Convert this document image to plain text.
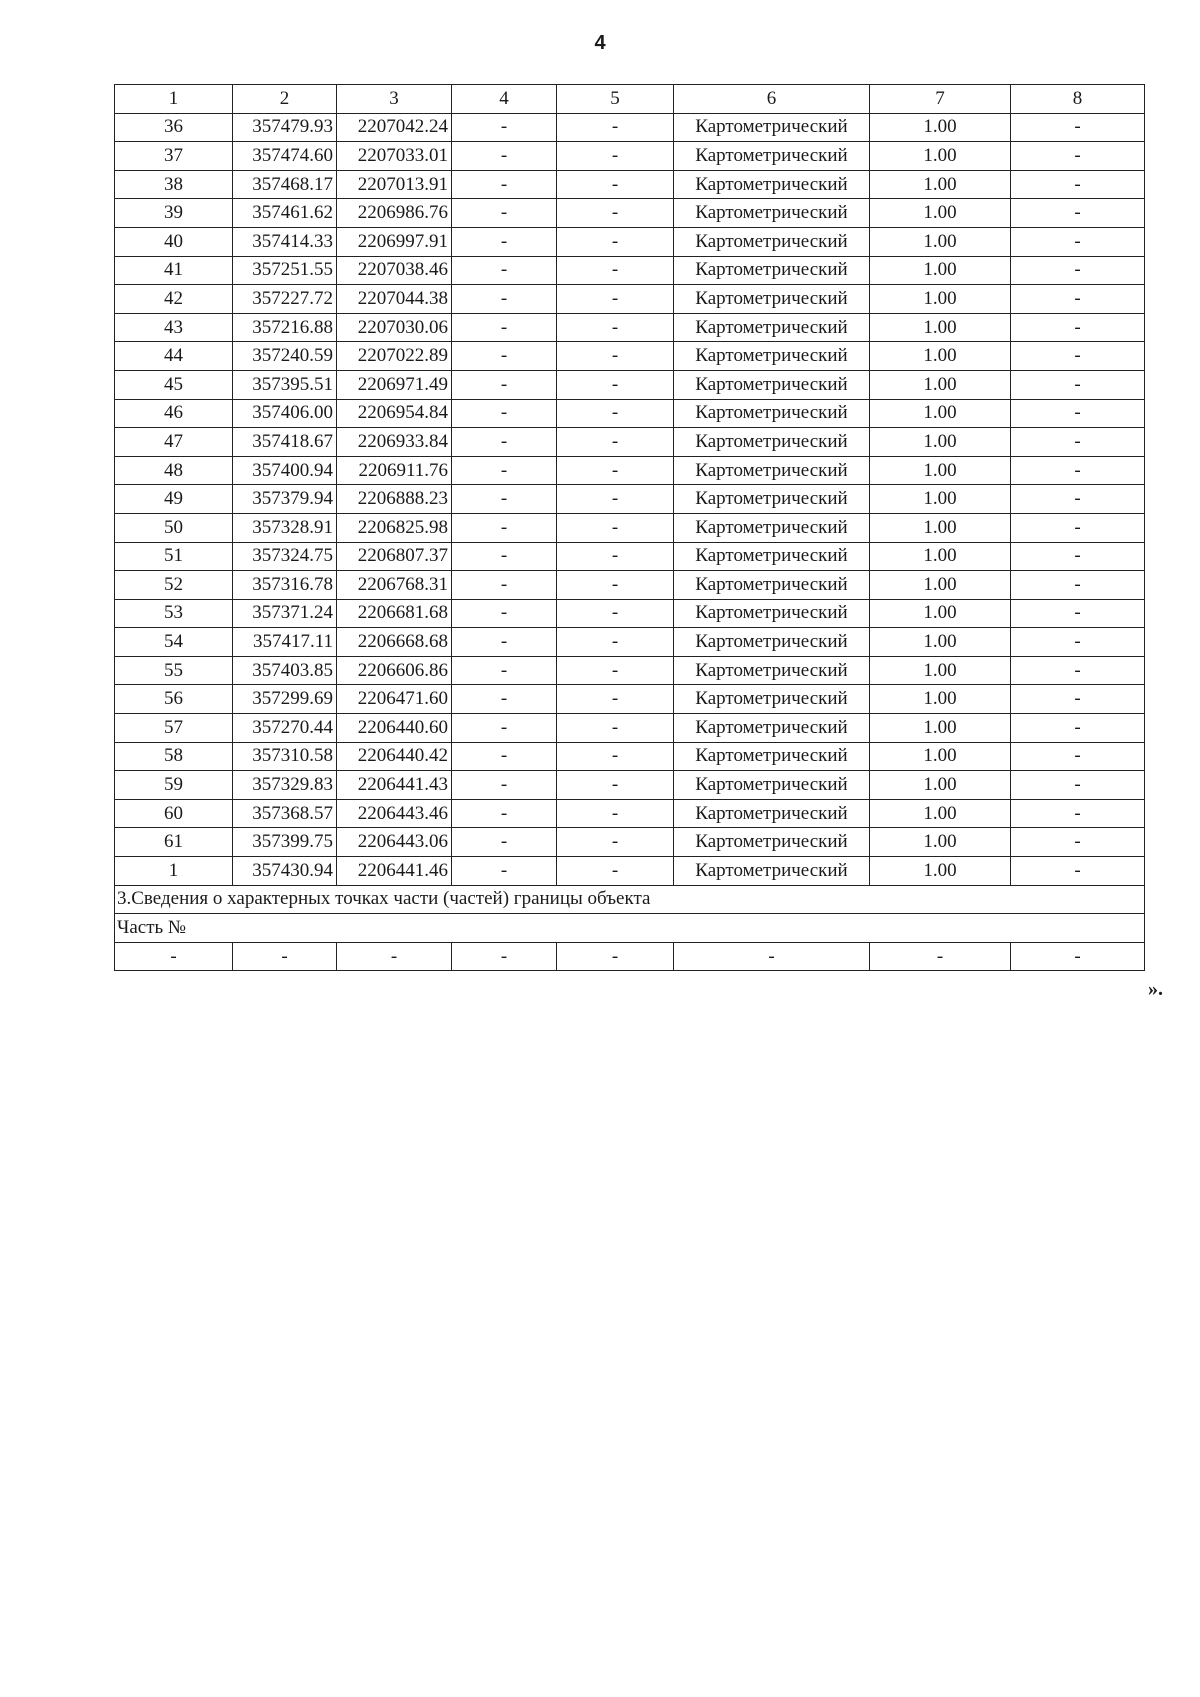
4
1	2	3	4	5	6	7	8
36	357479.93	2207042.24	-	-	Картометрический	1.00	-
37	357474.60	2207033.01	-	-	Картометрический	1.00	-
38	357468.17	2207013.91	-	-	Картометрический	1.00	-
39	357461.62	2206986.76	-	-	Картометрический	1.00	-
40	357414.33	2206997.91	-	-	Картометрический	1.00	-
41	357251.55	2207038.46	-	-	Картометрический	1.00	-
42	357227.72	2207044.38	-	-	Картометрический	1.00	-
43	357216.88	2207030.06	-	-	Картометрический	1.00	-
44	357240.59	2207022.89	-	-	Картометрический	1.00	-
45	357395.51	2206971.49	-	-	Картометрический	1.00	-
46	357406.00	2206954.84	-	-	Картометрический	1.00	-
47	357418.67	2206933.84	-	-	Картометрический	1.00	-
48	357400.94	2206911.76	-	-	Картометрический	1.00	-
49	357379.94	2206888.23	-	-	Картометрический	1.00	-
50	357328.91	2206825.98	-	-	Картометрический	1.00	-
51	357324.75	2206807.37	-	-	Картометрический	1.00	-
52	357316.78	2206768.31	-	-	Картометрический	1.00	-
53	357371.24	2206681.68	-	-	Картометрический	1.00	-
54	357417.11	2206668.68	-	-	Картометрический	1.00	-
55	357403.85	2206606.86	-	-	Картометрический	1.00	-
56	357299.69	2206471.60	-	-	Картометрический	1.00	-
57	357270.44	2206440.60	-	-	Картометрический	1.00	-
58	357310.58	2206440.42	-	-	Картометрический	1.00	-
59	357329.83	2206441.43	-	-	Картометрический	1.00	-
60	357368.57	2206443.46	-	-	Картометрический	1.00	-
61	357399.75	2206443.06	-	-	Картометрический	1.00	-
1	357430.94	2206441.46	-	-	Картометрический	1.00	-
3.Сведения о характерных точках части (частей) границы объекта							
Часть №							
-	-	-	-	-	-	-	-
».
